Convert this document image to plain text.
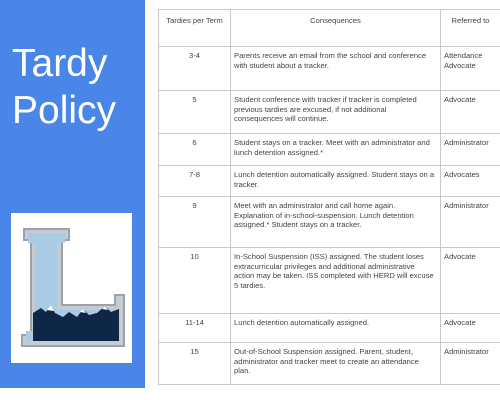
Tardy
Policy
Tardies per Term	Consequences	Referred to
3-4	Parents receive an email from the school and conference with student about a tracker.	Attendance Advocate
5	Student conference with tracker if tracker is completed previous tardies are excused, if not additional consequences will continue.	Advocate
6	Student stays on a tracker. Meet with an administrator and lunch detention assigned.*	Administrator
7-8	Lunch detention automatically assigned. Student stays on a tracker.	Advocates
9	Meet with an administrator and call home again. Explanation of in-school-suspension. Lunch detention assigned.* Student stays on a tracker.	Administrator
10	In-School Suspension (ISS) assigned. The student loses extracurricular privileges and additional administrative action may be taken. ISS completed with HERD will excuse 5 tardies.	Advocate
11-14	Lunch detention automatically assigned.	Advocate
15	Out-of-School Suspension assigned. Parent, student, administrator and tracker meet to create an attendance plan.	Administrator
